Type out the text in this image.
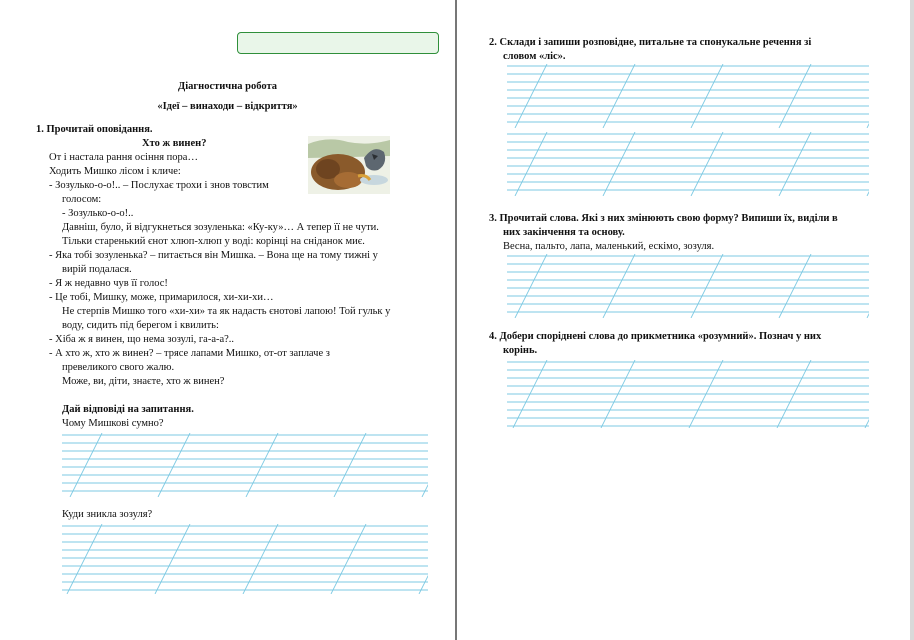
Діагностична робота
«Ідеї – винаходи – відкриття»
1. Прочитай оповідання.
Хто ж винен?
От і настала рання осіння пора…
Ходить Мишко лісом і кличе:
- Зозулько-о-о!.. – Послухає трохи і знов товстим
голосом:
- Зозулько-о-о!..
Давніш, було, й відгукнеться зозуленька: «Ку-ку»… А тепер її не чути.
Тільки старенький єнот хлюп-хлюп у воді: корінці на сніданок миє.
- Яка тобі зозуленька? – питається він Мишка. – Вона ще на тому тижні у
вирій подалася.
- Я ж недавно чув її голос!
- Це тобі, Мишку, може, примарилося, хи-хи-хи…
Не стерпів Мишко того «хи-хи» та як надасть єнотові лапою! Той гульк у
воду, сидить під берегом і квилить:
- Хіба ж я винен, що нема зозулі, га-а-а?..
- А хто ж, хто ж винен? – трясе лапами Мишко, от-от заплаче з
превеликого свого жалю.
Може, ви, діти, знаєте, хто ж винен?
Дай відповіді на запитання.
Чому Мишкові сумно?
Куди зникла зозуля?
2. Склади і запиши розповідне, питальне та спонукальне речення зі
словом «ліс».
3. Прочитай слова. Які з них змінюють свою форму? Випиши їх, виділи в
них закінчення та основу.
Весна, пальто, лапа, маленький, ескімо, зозуля.
4. Добери споріднені слова до прикметника «розумний». Познач у них
корінь.
